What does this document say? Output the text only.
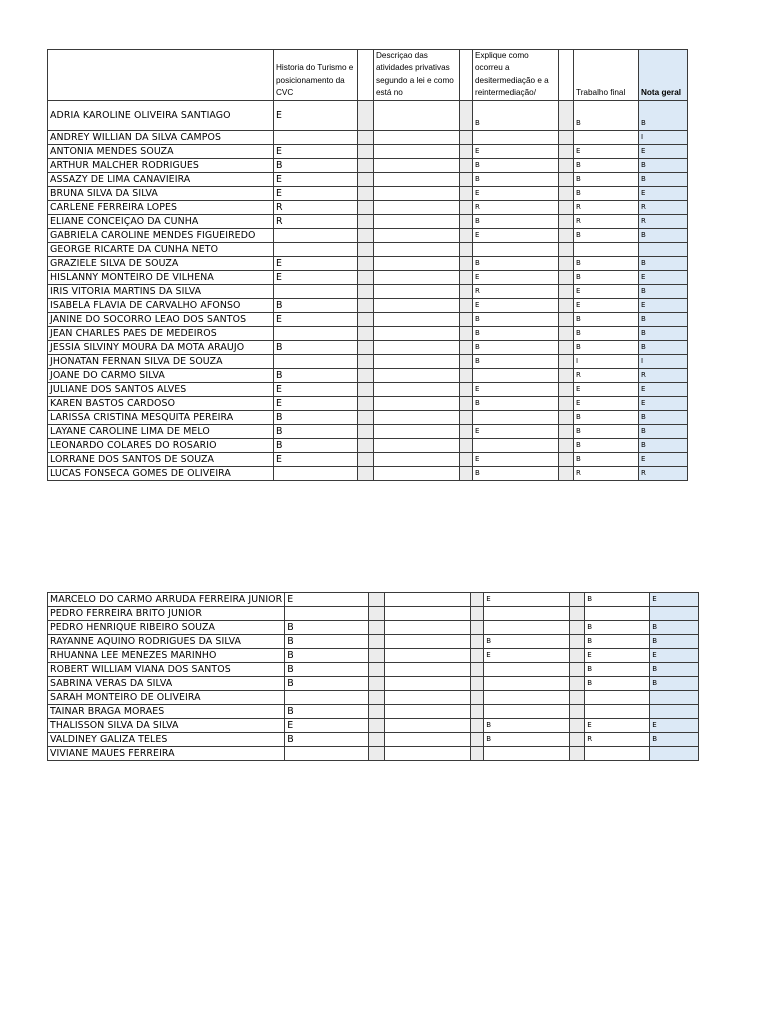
	Historia do Turismo e posicionamento da CVC		Descriçao das atividades privativas segundo a lei e como está no		Explique como ocorreu a desitermediação e a reintermediação/		Trabalho final	Nota geral
ADRIA KAROLINE OLIVEIRA SANTIAGO	E				B		B	B
ANDREY WILLIAN DA SILVA CAMPOS								I
ANTONIA MENDES SOUZA	E				E		E	E
ARTHUR MALCHER RODRIGUES	B				B		B	B
ASSAZY DE LIMA CANAVIEIRA	E				B		B	B
BRUNA SILVA DA SILVA	E				E		B	E
CARLENE FERREIRA LOPES	R				R		R	R
ELIANE CONCEIÇAO DA CUNHA	R				B		R	R
GABRIELA CAROLINE MENDES FIGUEIREDO					E		B	B
GEORGE RICARTE DA CUNHA NETO								
GRAZIELE SILVA DE SOUZA	E				B		B	B
HISLANNY MONTEIRO DE VILHENA	E				E		B	E
IRIS VITORIA MARTINS DA SILVA					R		E	B
ISABELA FLAVIA DE CARVALHO AFONSO	B				E		E	E
JANINE DO SOCORRO LEAO DOS SANTOS	E				B		B	B
JEAN CHARLES PAES DE MEDEIROS					B		B	B
JESSIA SILVINY MOURA DA MOTA ARAUJO	B				B		B	B
JHONATAN FERNAN SILVA DE SOUZA					B		I	I
JOANE DO CARMO SILVA	B						R	R
JULIANE DOS SANTOS ALVES	E				E		E	E
KAREN BASTOS CARDOSO	E				B		E	E
LARISSA CRISTINA MESQUITA PEREIRA	B						B	B
LAYANE CAROLINE LIMA DE MELO	B				E		B	B
LEONARDO COLARES DO ROSARIO	B						B	B
LORRANE DOS SANTOS DE SOUZA	E				E		B	E
LUCAS FONSECA GOMES DE OLIVEIRA					B		R	R
MARCELO DO CARMO ARRUDA FERREIRA JUNIOR	E				E		B	E
PEDRO FERREIRA BRITO JUNIOR								
PEDRO HENRIQUE RIBEIRO SOUZA	B						B	B
RAYANNE AQUINO RODRIGUES DA SILVA	B				B		B	B
RHUANNA LEE MENEZES MARINHO	B				E		E	E
ROBERT WILLIAM VIANA DOS SANTOS	B						B	B
SABRINA VERAS DA SILVA	B						B	B
SARAH MONTEIRO DE OLIVEIRA								
TAINAR BRAGA MORAES	B							
THALISSON SILVA DA SILVA	E				B		E	E
VALDINEY GALIZA TELES	B				B		R	B
VIVIANE MAUES FERREIRA								
